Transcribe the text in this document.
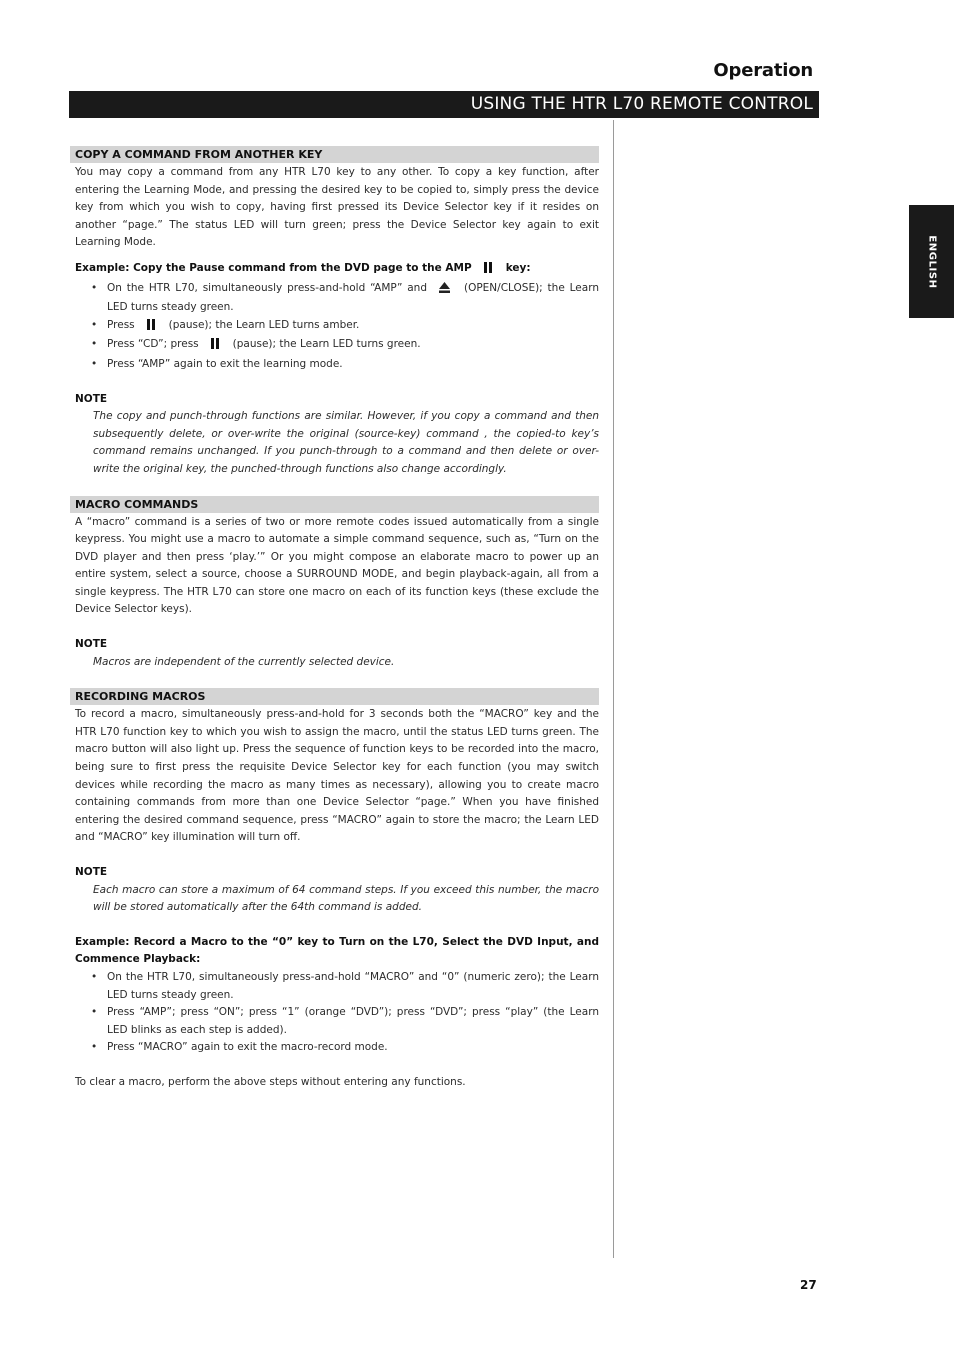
Operation
USING THE HTR L70 REMOTE CONTROL
ENGLISH
COPY A COMMAND FROM ANOTHER KEY

You may copy a command from any HTR L70 key to any other. To copy a key function, after entering the Learning Mode, and pressing the desired key to be copied to, simply press the device key from which you wish to copy, having first pressed its Device Selector key if it resides on another “page.” The status LED will turn green; press the Device Selector key again to exit Learning Mode.

Example: Copy the Pause command from the DVD page to the AMP	key:

• On the HTR L70, simultaneously press-and-hold “AMP” and	(OPEN/CLOSE); the Learn LED turns steady green.
• Press	(pause); the Learn LED turns amber.
• Press “CD”; press	(pause); the Learn LED turns green.
• Press “AMP” again to exit the learning mode.

NOTE

The copy and punch-through functions are similar. However, if you copy a command and then subsequently delete, or over-write the original (source-key) command , the copied-to key’s command remains unchanged. If you punch-through to a command and then delete or over-write the original key, the punched-through functions also change accordingly.

MACRO COMMANDS

A “macro” command is a series of two or more remote codes issued automatically from a single keypress. You might use a macro to automate a simple command sequence, such as, “Turn on the DVD player and then press ‘play.’” Or you might compose an elaborate macro to power up an entire system, select a source, choose a SURROUND MODE, and begin playback-again, all from a single keypress. The HTR L70 can store one macro on each of its function keys (these exclude the Device Selector keys).

NOTE

Macros are independent of the currently selected device.

RECORDING MACROS

To record a macro, simultaneously press-and-hold for 3 seconds both the “MACRO” key and the HTR L70 function key to which you wish to assign the macro, until the status LED turns green. The macro button will also light up. Press the sequence of function keys to be recorded into the macro, being sure to first press the requisite Device Selector key for each function (you may switch devices while recording the macro as many times as necessary), allowing you to create macro containing commands from more than one Device Selector “page.” When you have finished entering the desired command sequence, press “MACRO” again to store the macro; the Learn LED and “MACRO” key illumination will turn off.

NOTE

Each macro can store a maximum of 64 command steps. If you exceed this number, the macro will be stored automatically after the 64th command is added.

Example: Record a Macro to the “0” key to Turn on the L70, Select the DVD Input, and Commence Playback:

• On the HTR L70, simultaneously press-and-hold “MACRO” and “0” (numeric zero); the Learn LED turns steady green.
• Press “AMP”; press “ON”; press “1” (orange “DVD”); press “DVD”; press “play” (the Learn LED blinks as each step is added).
• Press “MACRO” again to exit the macro-record mode.

To clear a macro, perform the above steps without entering any functions.

27
